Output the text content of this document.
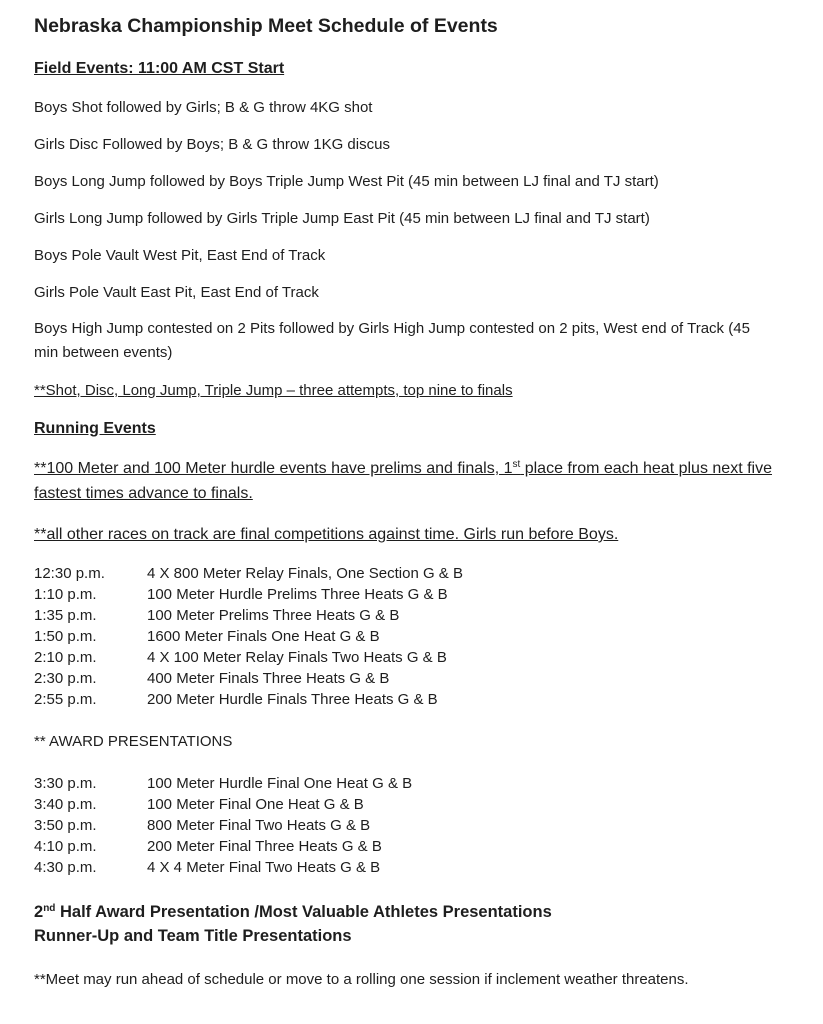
Nebraska Championship Meet Schedule of Events
Field Events: 11:00 AM CST Start
Boys Shot followed by Girls; B & G throw 4KG shot
Girls Disc Followed by Boys; B & G throw 1KG discus
Boys Long Jump followed by Boys Triple Jump West Pit (45 min between LJ final and TJ start)
Girls Long Jump followed by Girls Triple Jump East Pit (45 min between LJ final and TJ start)
Boys Pole Vault West Pit, East End of Track
Girls Pole Vault East Pit, East End of Track
Boys High Jump contested on 2 Pits followed by Girls High Jump contested on 2 pits, West end of Track (45 min between events)
**Shot, Disc, Long Jump, Triple Jump – three attempts, top nine to finals
Running Events
**100 Meter and 100 Meter hurdle events have prelims and finals, 1st place from each heat plus next five fastest times advance to finals.
**all other races on track are final competitions against time. Girls run before Boys.
12:30 p.m.	4 X 800 Meter Relay Finals, One Section G & B
1:10 p.m.	100 Meter Hurdle Prelims Three Heats G & B
1:35 p.m.	100 Meter Prelims Three Heats G & B
1:50 p.m.	1600 Meter Finals One Heat G & B
2:10 p.m.	4 X 100 Meter Relay Finals Two Heats G & B
2:30 p.m.	400 Meter Finals Three Heats G & B
2:55 p.m.	200 Meter Hurdle Finals Three Heats G & B
** AWARD PRESENTATIONS
3:30 p.m.	100 Meter Hurdle Final One Heat G & B
3:40 p.m.	100 Meter Final One Heat G & B
3:50 p.m.	800 Meter Final Two Heats G & B
4:10 p.m.	200 Meter Final Three Heats G & B
4:30 p.m.	4 X 4 Meter Final Two Heats G & B
2nd Half Award Presentation /Most Valuable Athletes Presentations
Runner-Up and Team Title Presentations
**Meet may run ahead of schedule or move to a rolling one session if inclement weather threatens.
